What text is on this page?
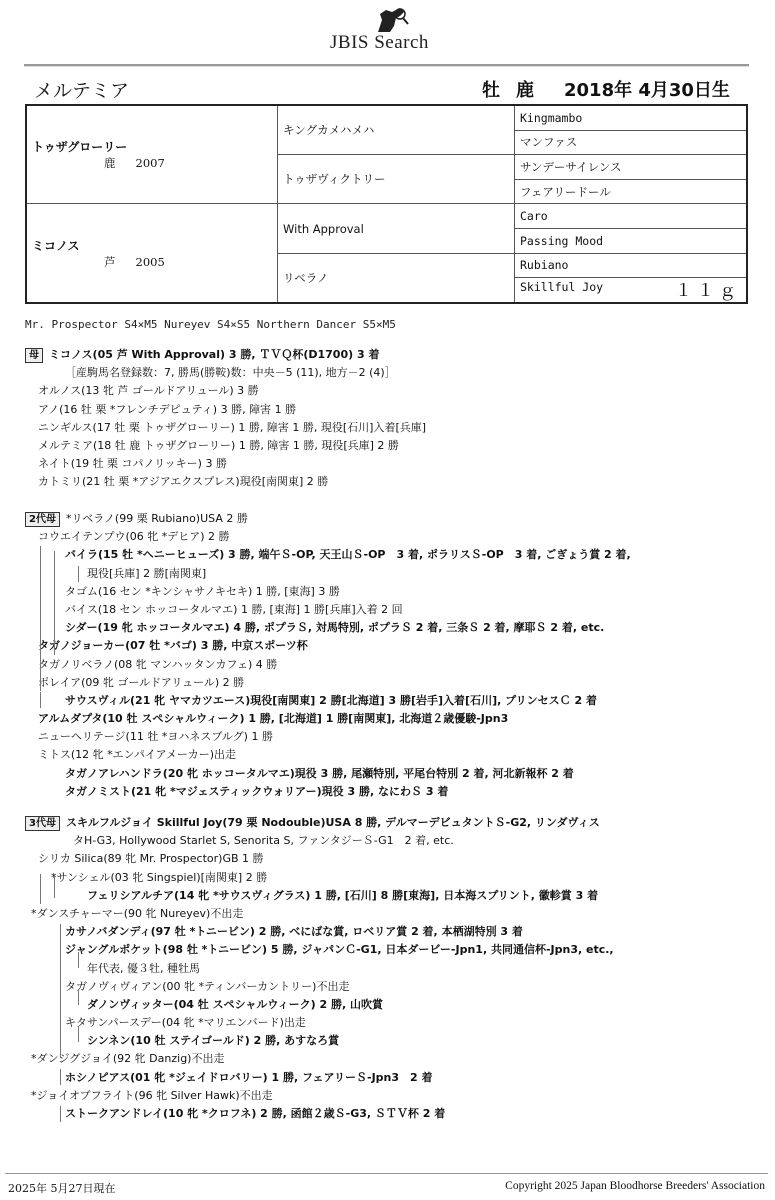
JBIS Search
メルテミア	牡 鹿 2018年 4月30日生
トゥザグローリー
鹿 2007	キングカメハメハ	Kingmambo
		マンファス
	トゥザヴィクトリー	サンデーサイレンス
		フェアリードール

ミコノス
芦 2005	With Approval	Caro
		Passing Mood
	リベラノ	Rubiano
		Skillful Joy １１ｇ
Mr. Prospector S4×M5 Nureyev S4×S5 Northern Dancer S5×M5
母 ミコノス(05 芦 With Approval) 3 勝, ＴＶＱ杯(D1700) 3 着
［産駒馬名登録数：7, 勝馬(勝鞍)数：中央－5 (11), 地方－2 (4)］
オルノス(13 牝 芦 ゴールドアリュール) 3 勝
アノ(16 牡 栗 *フレンチデピュティ) 3 勝, 障害 1 勝
ニンギルス(17 牡 栗 トゥザグローリー) 1 勝, 障害 1 勝, 現役[石川]入着[兵庫]
メルテミア(18 牡 鹿 トゥザグローリー) 1 勝, 障害 1 勝, 現役[兵庫] 2 勝
ネイト(19 牡 栗 コパノリッキー) 3 勝
カトミリ(21 牡 栗 *アジアエクスプレス)現役[南関東] 2 勝
2代母 *リベラノ(99 栗 Rubiano)USA 2 勝
コウエイテンプウ(06 牝 *デヒア) 2 勝
バイラ(15 牡 *ヘニーヒューズ) 3 勝, 端午Ｓ-OP, 天王山Ｓ-OP　3 着, ポラリスＳ-OP　3 着, ごぎょう賞 2 着,
現役[兵庫] 2 勝[南関東]
タゴム(16 セン *キンシャサノキセキ) 1 勝, [東海] 3 勝
バイス(18 セン ホッコータルマエ) 1 勝, [東海] 1 勝[兵庫]入着 2 回
シダー(19 牝 ホッコータルマエ) 4 勝, ポプラＳ, 対馬特別, ポプラＳ 2 着, 三条Ｓ 2 着, 摩耶Ｓ 2 着, etc.
タガノジョーカー(07 牡 *バゴ) 3 勝, 中京スポーツ杯
タガノリベラノ(08 牝 マンハッタンカフェ) 4 勝
ポレイア(09 牝 ゴールドアリュール) 2 勝
サウスヴィル(21 牝 ヤマカツエース)現役[南関東] 2 勝[北海道] 3 勝[岩手]入着[石川], プリンセスＣ 2 着
アルムダプタ(10 牡 スペシャルウィーク) 1 勝, [北海道] 1 勝[南関東], 北海道２歳優駿-Jpn3
ニューヘリテージ(11 牡 *ヨハネスブルグ) 1 勝
ミトス(12 牝 *エンパイアメーカー)出走
タガノアレハンドラ(20 牝 ホッコータルマエ)現役 3 勝, 尾瀬特別, 平尾台特別 2 着, 河北新報杯 2 着
タガノミスト(21 牝 *マジェスティックウォリアー)現役 3 勝, なにわＳ 3 着
3代母 スキルフルジョイ Skillful Joy(79 栗 Nodouble)USA 8 勝, デルマーデビュタントＳ-G2, リンダヴィス
タH-G3, Hollywood Starlet S, Senorita S, ファンタジーＳ-G1　2 着, etc.
シリカ Silica(89 牝 Mr. Prospector)GB 1 勝
*サンシェル(03 牝 Singspiel)[南関東] 2 勝
フェリシアルチア(14 牝 *サウスヴィグラス) 1 勝, [石川] 8 勝[東海], 日本海スプリント, 徽軫賞 3 着
*ダンスチャーマー(90 牝 Nureyev)不出走
カサノバダンディ(97 牡 *トニービン) 2 勝, べにばな賞, ロベリア賞 2 着, 本栖湖特別 3 着
ジャングルポケット(98 牡 *トニービン) 5 勝, ジャパンＣ-G1, 日本ダービー-Jpn1, 共同通信杯-Jpn3, etc.,
年代表, 優３牡, 種牡馬
タガノヴィヴィアン(00 牝 *ティンバーカントリー)不出走
ダノンヴィッター(04 牡 スペシャルウィーク) 2 勝, 山吹賞
キタサンパースデー(04 牝 *マリエンバード)出走
シンネン(10 牡 ステイゴールド) 2 勝, あすなろ賞
*ダンジグジョイ(92 牝 Danzig)不出走
ホシノピアス(01 牝 *ジェイドロバリー) 1 勝, フェアリーＳ-Jpn3　2 着
*ジョイオブフライト(96 牝 Silver Hawk)不出走
ストークアンドレイ(10 牝 *クロフネ) 2 勝, 函館２歳Ｓ-G3, ＳＴＶ杯 2 着
2025年 5月27日現在	Copyright 2025 Japan Bloodhorse Breeders' Association
